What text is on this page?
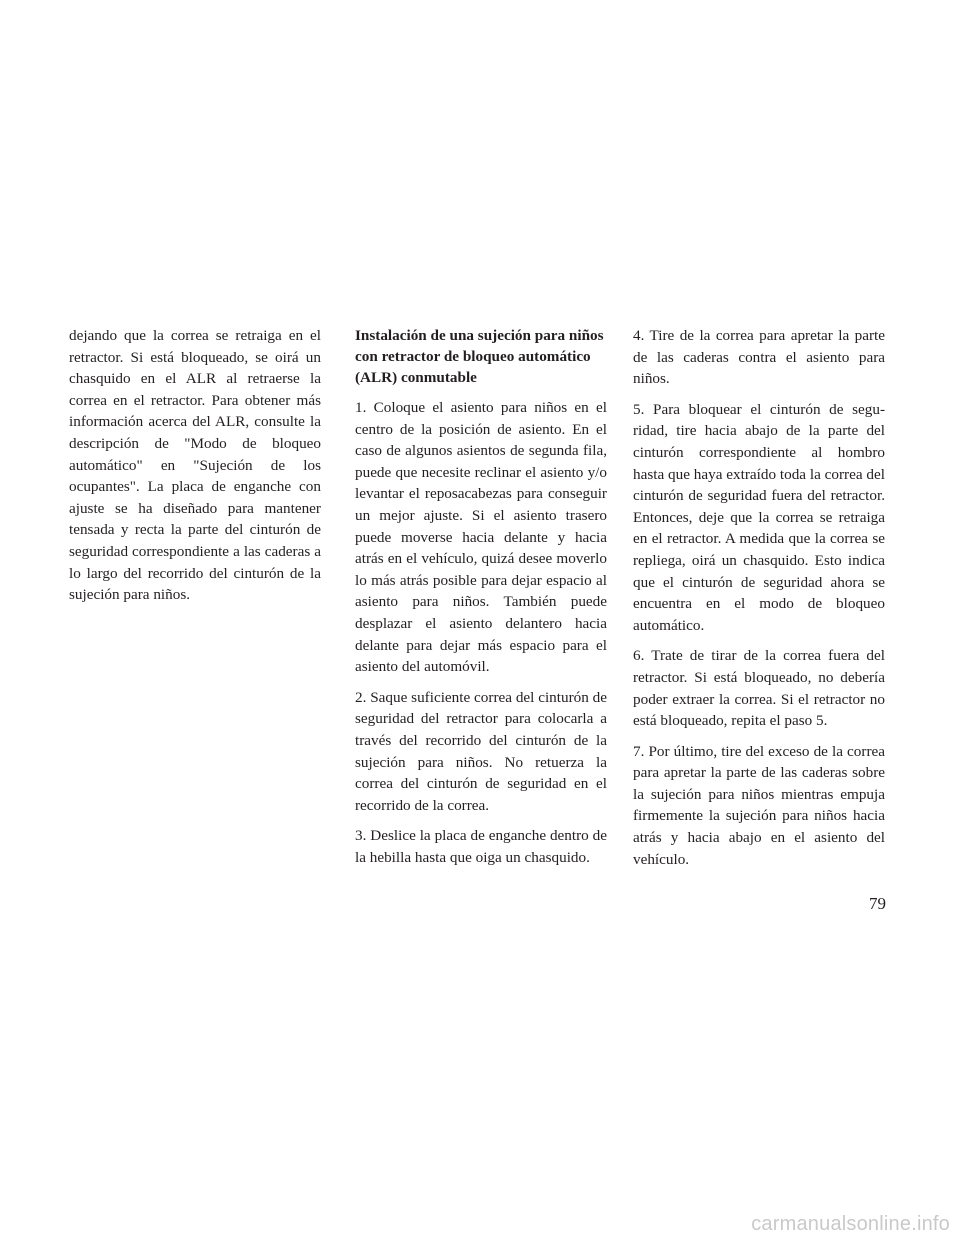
dejando que la correa se retraiga en el retractor. Si está bloqueado, se oirá un chasquido en el ALR al retraerse la correa en el retractor. Para obtener más información acerca del ALR, consulte la descripción de "Modo de bloqueo automático" en "Sujeción de los ocupantes". La placa de enganche con ajuste se ha diseñado para mantener tensada y recta la parte del cinturón de seguridad correspondiente a las caderas a lo largo del recorrido del cinturón de la sujeción para niños.

Instalación de una sujeción para niños con retractor de bloqueo automático (ALR) conmutable

1. Coloque el asiento para niños en el centro de la posición de asiento. En el caso de algunos asientos de segunda fila, puede que necesite reclinar el asiento y/o levantar el reposacabezas para conseguir un mejor ajuste. Si el asiento trasero puede moverse hacia delante y hacia atrás en el vehículo, quizá desee moverlo lo más atrás posible para dejar espacio al asiento para niños. También puede desplazar el asiento delantero hacia delante para dejar más espacio para el asiento del automóvil.

2. Saque suficiente correa del cinturón de seguridad del retractor para colocarla a través del recorrido del cinturón de la sujeción para niños. No retuerza la correa del cinturón de seguridad en el recorrido de la correa.

3. Deslice la placa de enganche dentro de la hebilla hasta que oiga un chasquido.

4. Tire de la correa para apretar la parte de las caderas contra el asiento para niños.

5. Para bloquear el cinturón de seguridad, tire hacia abajo de la parte del cinturón correspondiente al hombro hasta que haya extraído toda la correa del cinturón de seguridad fuera del retractor. Entonces, deje que la correa se retraiga en el retractor. A medida que la correa se repliega, oirá un chasquido. Esto indica que el cinturón de seguridad ahora se encuentra en el modo de bloqueo automático.

6. Trate de tirar de la correa fuera del retractor. Si está bloqueado, no debería poder extraer la correa. Si el retractor no está bloqueado, repita el paso 5.

7. Por último, tire del exceso de la correa para apretar la parte de las caderas sobre la sujeción para niños mientras empuja firmemente la sujeción para niños hacia atrás y hacia abajo en el asiento del vehículo.

79
carmanualsonline.info
